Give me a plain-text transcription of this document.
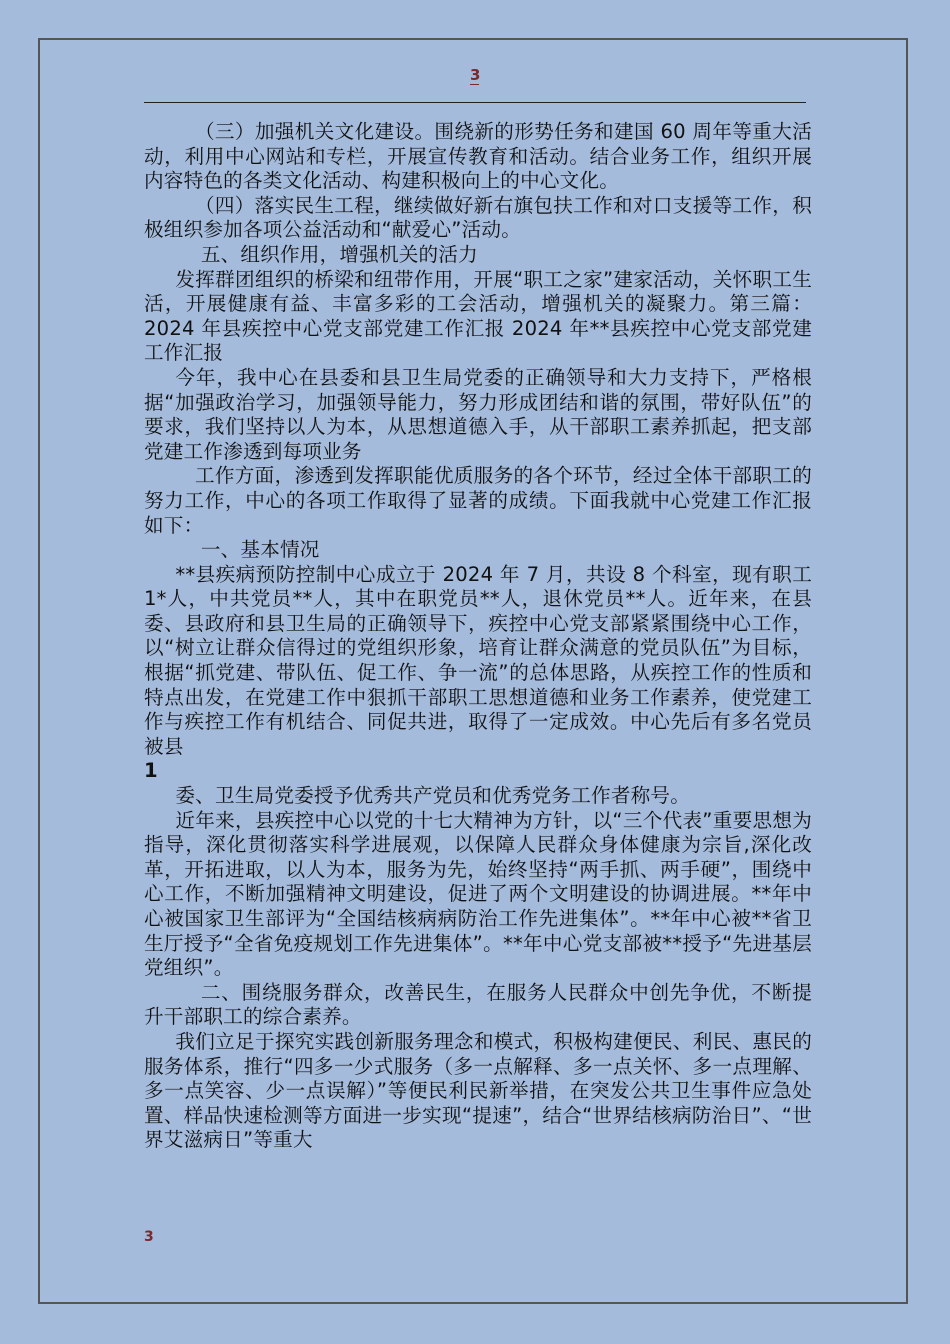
3

（三）加强机关文化建设。围绕新的形势任务和建国 60 周年等重大活动，利用中心网站和专栏，开展宣传教育和活动。结合业务工作，组织开展内容特色的各类文化活动、构建积极向上的中心文化。

（四）落实民生工程，继续做好新右旗包扶工作和对口支援等工作，积极组织参加各项公益活动和“献爱心”活动。

五、组织作用，增强机关的活力

发挥群团组织的桥梁和纽带作用，开展“职工之家”建家活动，关怀职工生活，开展健康有益、丰富多彩的工会活动，增强机关的凝聚力。第三篇：2024 年县疾控中心党支部党建工作汇报 2024 年**县疾控中心党支部党建工作汇报

今年，我中心在县委和县卫生局党委的正确领导和大力支持下，严格根据“加强政治学习，加强领导能力，努力形成团结和谐的氛围，带好队伍”的要求，我们坚持以人为本，从思想道德入手，从干部职工素养抓起，把支部党建工作渗透到每项业务

工作方面，渗透到发挥职能优质服务的各个环节，经过全体干部职工的努力工作，中心的各项工作取得了显著的成绩。下面我就中心党建工作汇报如下：

一、基本情况

**县疾病预防控制中心成立于 2024 年 7 月，共设 8 个科室，现有职工 1*人，中共党员**人，其中在职党员**人，退休党员**人。近年来，在县委、县政府和县卫生局的正确领导下，疾控中心党支部紧紧围绕中心工作，以“树立让群众信得过的党组织形象，培育让群众满意的党员队伍”为目标，根据“抓党建、带队伍、促工作、争一流”的总体思路，从疾控工作的性质和特点出发，在党建工作中狠抓干部职工思想道德和业务工作素养，使党建工作与疾控工作有机结合、同促共进，取得了一定成效。中心先后有多名党员被县

1

委、卫生局党委授予优秀共产党员和优秀党务工作者称号。

近年来，县疾控中心以党的十七大精神为方针，以“三个代表”重要思想为指导，深化贯彻落实科学进展观，以保障人民群众身体健康为宗旨,深化改革，开拓进取，以人为本，服务为先，始终坚持“两手抓、两手硬”，围绕中心工作，不断加强精神文明建设，促进了两个文明建设的协调进展。**年中心被国家卫生部评为“全国结核病病防治工作先进集体”。**年中心被**省卫生厅授予“全省免疫规划工作先进集体”。**年中心党支部被**授予“先进基层党组织”。

二、围绕服务群众，改善民生，在服务人民群众中创先争优，不断提升干部职工的综合素养。

我们立足于探究实践创新服务理念和模式，积极构建便民、利民、惠民的服务体系，推行“四多一少式服务（多一点解释、多一点关怀、多一点理解、多一点笑容、少一点误解）”等便民利民新举措，在突发公共卫生事件应急处置、样品快速检测等方面进一步实现“提速”，结合“世界结核病防治日”、“世界艾滋病日”等重大

3
